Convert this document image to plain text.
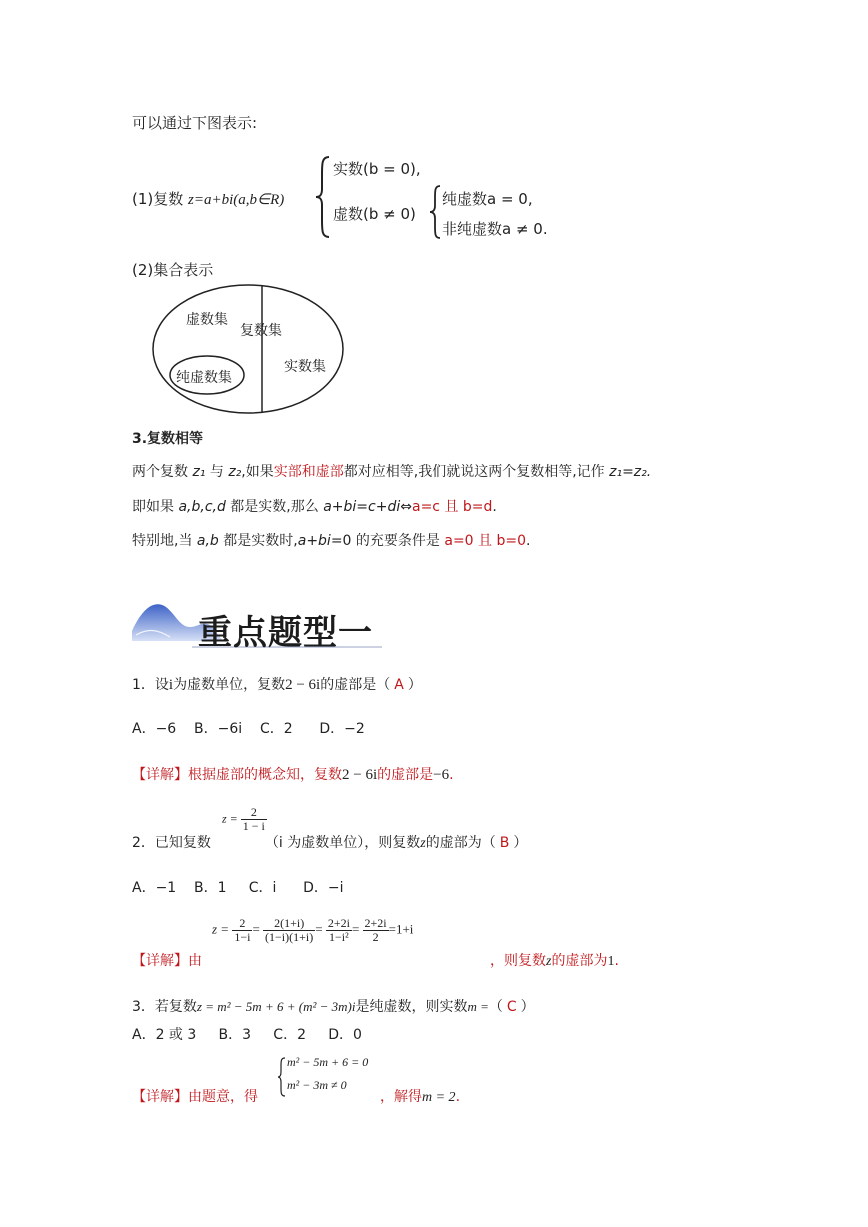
可以通过下图表示:
(1)复数 z=a+bi(a,b∈R)
实数(b = 0),
虚数(b ≠ 0)
纯虚数a = 0,
非纯虚数a ≠ 0.
(2)集合表示
虚数集
复数集
实数集
纯虚数集
3.复数相等
两个复数 z₁ 与 z₂,如果实部和虚部都对应相等,我们就说这两个复数相等,记作 z₁=z₂.
即如果 a,b,c,d 都是实数,那么 a+bi=c+di⇔a=c 且 b=d.
特别地,当 a,b 都是实数时,a+bi=0 的充要条件是 a=0 且 b=0.
重点题型一
1．设i为虚数单位，复数2 − 6i的虚部是（ A ）
A．−6    B．−6i    C．2      D．−2
【详解】根据虚部的概念知，复数2 − 6i的虚部是−6.
$z = \frac{2}{1 - i}$
2．已知复数	（i 为虚数单位），则复数z的虚部为（ B ）
A．−1    B．1     C．i      D．−i
$z = \frac{2}{1-i} = \frac{2(1+i)}{(1-i)(1+i)} = \frac{2+2i}{\text{1−i²}} = \frac{2+2i}{2} =1+i$
【详解】由	，则复数z的虚部为1.
3．若复数z = m² − 5m + 6 + (m² − 3m)i是纯虚数，则实数m =（ C ）
A．2 或 3     B．3     C．2     D．0
【详解】由题意，得
m² − 5m + 6 = 0
m² − 3m ≠ 0
，解得m = 2.
